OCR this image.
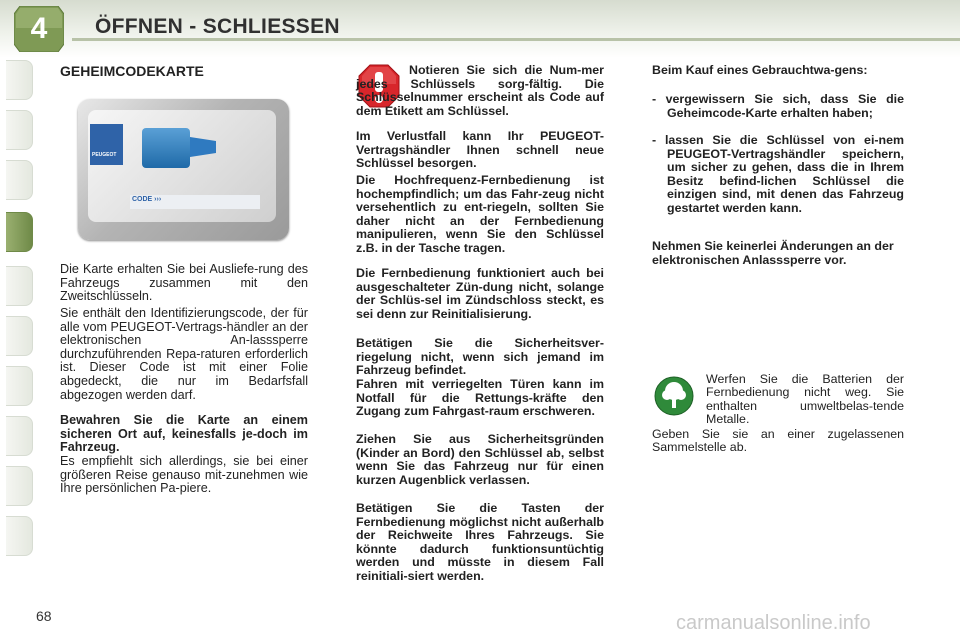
4	ÖFFNEN - SCHLIESSEN
GEHEIMCODEKARTE
PEUGEOT
CODE ›››
Die Karte erhalten Sie bei Ausliefe-rung des Fahrzeugs zusammen mit den Zweitschlüsseln.
Sie enthält den Identifizierungscode, der für alle vom PEUGEOT-Vertrags-händler an der elektronischen An-lasssperre durchzuführenden Repa-raturen erforderlich ist. Dieser Code ist mit einer Folie abgedeckt, die nur im Bedarfsfall abgezogen werden darf.
Bewahren Sie die Karte an einem sicheren Ort auf, keinesfalls je-doch im Fahrzeug.
Es empfiehlt sich allerdings, sie bei einer größeren Reise genauso mit-zunehmen wie Ihre persönlichen Pa-piere.
Notieren Sie sich die Num-mer jedes Schlüssels sorg-fältig. Die Schlüsselnummer erscheint als Code auf dem Etikett am Schlüssel.
Im Verlustfall kann Ihr PEUGEOT-Vertragshändler Ihnen schnell neue Schlüssel besorgen.
Die Hochfrequenz-Fernbedienung ist hochempfindlich; um das Fahr-zeug nicht versehentlich zu ent-riegeln, sollten Sie daher nicht an der Fernbedienung manipulieren, wenn Sie den Schlüssel z.B. in der Tasche tragen.
Die Fernbedienung funktioniert auch bei ausgeschalteter Zün-dung nicht, solange der Schlüs-sel im Zündschloss steckt, es sei denn zur Reinitialisierung.
Betätigen Sie die Sicherheitsver-riegelung nicht, wenn sich jemand im Fahrzeug befindet.
Fahren mit verriegelten Türen kann im Notfall für die Rettungs-kräfte den Zugang zum Fahrgast-raum erschweren.
Ziehen Sie aus Sicherheitsgründen (Kinder an Bord) den Schlüssel ab, selbst wenn Sie das Fahrzeug nur für einen kurzen Augenblick verlassen.
Betätigen Sie die Tasten der Fernbedienung möglichst nicht außerhalb der Reichweite Ihres Fahrzeugs. Sie könnte dadurch funktionsuntüchtig werden und müsste in diesem Fall reinitiali-siert werden.
Beim Kauf eines Gebrauchtwa-gens:
- vergewissern Sie sich, dass Sie die Geheimcode-Karte erhalten haben;
- lassen Sie die Schlüssel von ei-nem PEUGEOT-Vertragshändler speichern, um sicher zu gehen, dass die in Ihrem Besitz befind-lichen Schlüssel die einzigen sind, mit denen das Fahrzeug gestartet werden kann.
Nehmen Sie keinerlei Änderungen an der elektronischen Anlasssperre vor.
Werfen Sie die Batterien der Fernbedienung nicht weg. Sie enthalten umweltbelas-tende Metalle.
Geben Sie sie an einer zugelassenen Sammelstelle ab.
68	carmanualsonline.info
